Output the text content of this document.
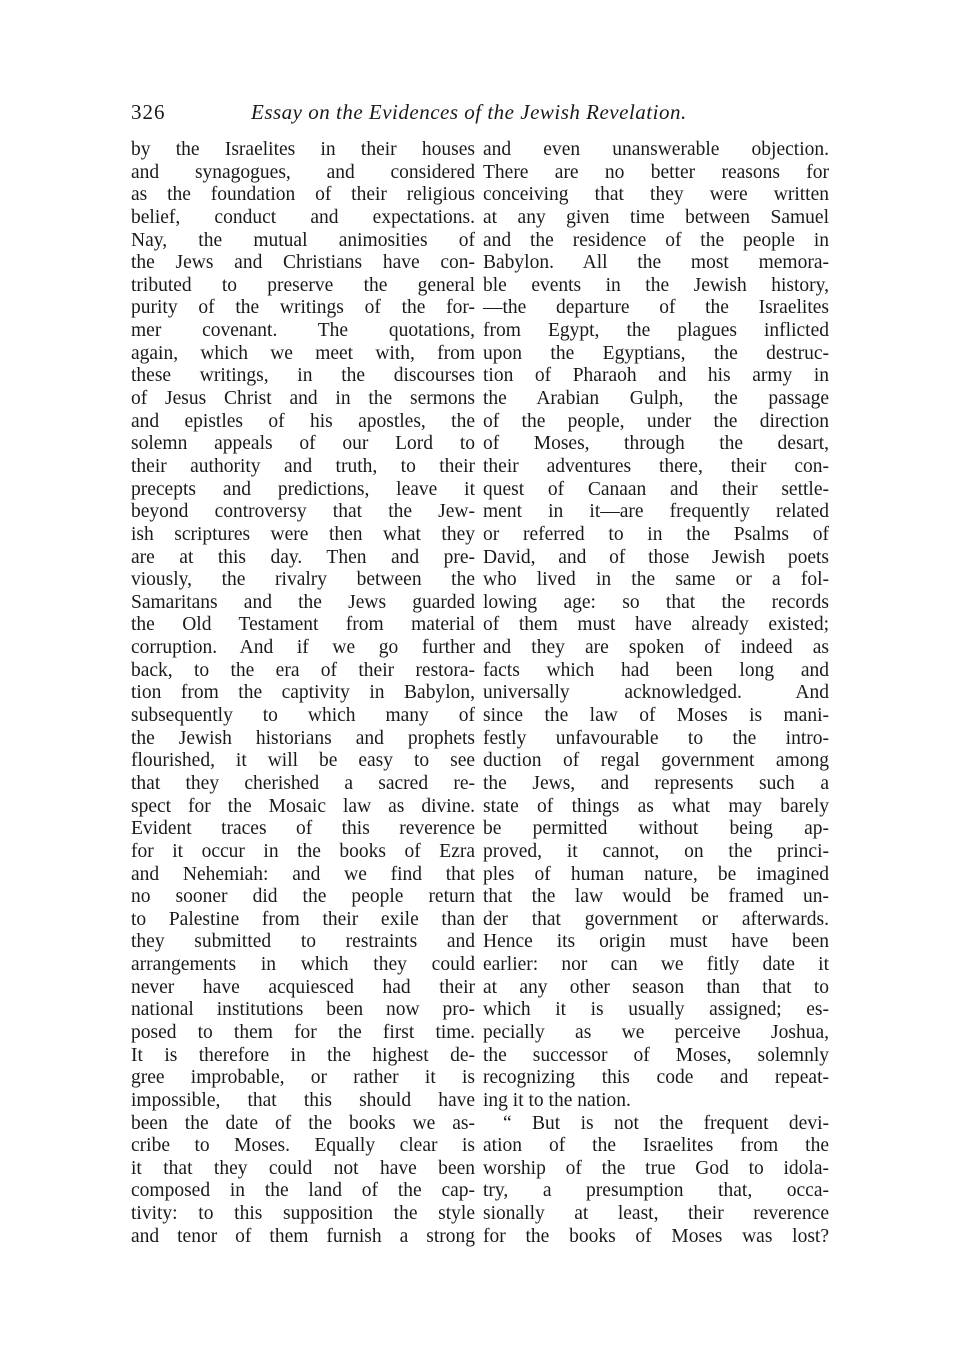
326	Essay on the Evidences of the Jewish Revelation.
by the Israelites in their houses
and synagogues, and considered
as the foundation of their religious
belief, conduct and expectations.
Nay, the mutual animosities of
the Jews and Christians have con-
tributed to preserve the general
purity of the writings of the for-
mer covenant. The quotations,
again, which we meet with, from
these writings, in the discourses
of Jesus Christ and in the sermons
and epistles of his apostles, the
solemn appeals of our Lord to
their authority and truth, to their
precepts and predictions, leave it
beyond controversy that the Jew-
ish scriptures were then what they
are at this day. Then and pre-
viously, the rivalry between the
Samaritans and the Jews guarded
the Old Testament from material
corruption. And if we go further
back, to the era of their restora-
tion from the captivity in Babylon,
subsequently to which many of
the Jewish historians and prophets
flourished, it will be easy to see
that they cherished a sacred re-
spect for the Mosaic law as divine.
Evident traces of this reverence
for it occur in the books of Ezra
and Nehemiah: and we find that
no sooner did the people return
to Palestine from their exile than
they submitted to restraints and
arrangements in which they could
never have acquiesced had their
national institutions been now pro-
posed to them for the first time.
It is therefore in the highest de-
gree improbable, or rather it is
impossible, that this should have
been the date of the books we as-
cribe to Moses. Equally clear is
it that they could not have been
composed in the land of the cap-
tivity: to this supposition the style
and tenor of them furnish a strong
and even unanswerable objection.
There are no better reasons for
conceiving that they were written
at any given time between Samuel
and the residence of the people in
Babylon. All the most memora-
ble events in the Jewish history,
—the departure of the Israelites
from Egypt, the plagues inflicted
upon the Egyptians, the destruc-
tion of Pharaoh and his army in
the Arabian Gulph, the passage
of the people, under the direction
of Moses, through the desart,
their adventures there, their con-
quest of Canaan and their settle-
ment in it—are frequently related
or referred to in the Psalms of
David, and of those Jewish poets
who lived in the same or a fol-
lowing age: so that the records
of them must have already existed;
and they are spoken of indeed as
facts which had been long and
universally acknowledged. And
since the law of Moses is mani-
festly unfavourable to the intro-
duction of regal government among
the Jews, and represents such a
state of things as what may barely
be permitted without being ap-
proved, it cannot, on the princi-
ples of human nature, be imagined
that the law would be framed un-
der that government or afterwards.
Hence its origin must have been
earlier: nor can we fitly date it
at any other season than that to
which it is usually assigned; es-
pecially as we perceive Joshua,
the successor of Moses, solemnly
recognizing this code and repeat-
ing it to the nation.
“ But is not the frequent devi-
ation of the Israelites from the
worship of the true God to idola-
try, a presumption that, occa-
sionally at least, their reverence
for the books of Moses was lost?
